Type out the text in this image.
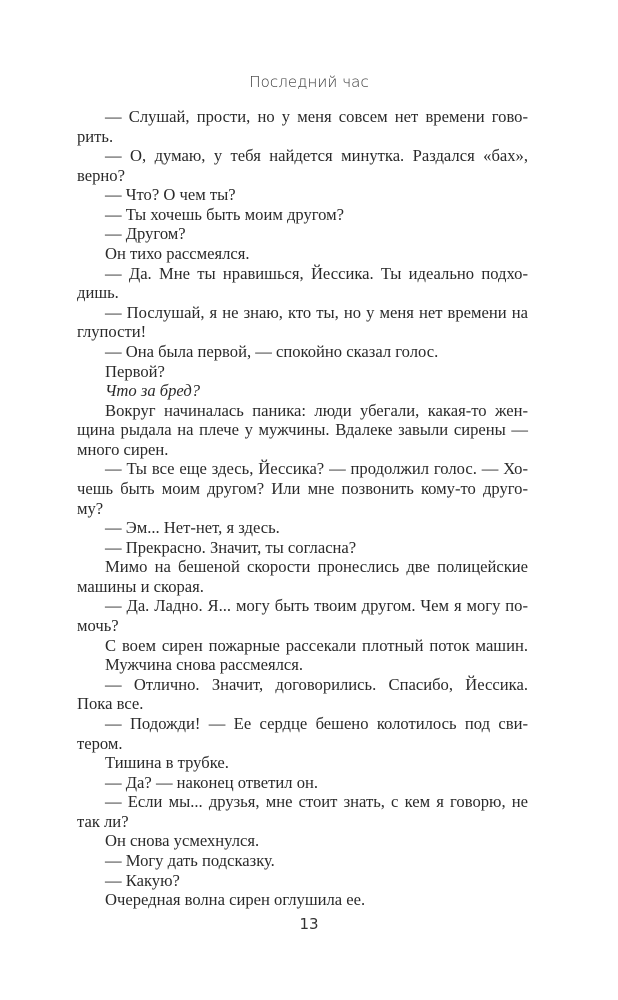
Последний час
— Слушай, прости, но у меня совсем нет времени гово-
рить.
— О, думаю, у тебя найдется минутка. Раздался «бах»,
верно?
— Что? О чем ты?
— Ты хочешь быть моим другом?
— Другом?
Он тихо рассмеялся.
— Да. Мне ты нравишься, Йессика. Ты идеально подхо-
дишь.
— Послушай, я не знаю, кто ты, но у меня нет времени на
глупости!
— Она была первой, — спокойно сказал голос.
Первой?
Что за бред?
Вокруг начиналась паника: люди убегали, какая-то жен-
щина рыдала на плече у мужчины. Вдалеке завыли сирены —
много сирен.
— Ты все еще здесь, Йессика? — продолжил голос. — Хо-
чешь быть моим другом? Или мне позвонить кому-то друго-
му?
— Эм... Нет-нет, я здесь.
— Прекрасно. Значит, ты согласна?
Мимо на бешеной скорости пронеслись две полицейские
машины и скорая.
— Да. Ладно. Я... могу быть твоим другом. Чем я могу по-
мочь?
С воем сирен пожарные рассекали плотный поток машин.
Мужчина снова рассмеялся.
— Отлично. Значит, договорились. Спасибо, Йессика.
Пока все.
— Подожди! — Ее сердце бешено колотилось под сви-
тером.
Тишина в трубке.
— Да? — наконец ответил он.
— Если мы... друзья, мне стоит знать, с кем я говорю, не
так ли?
Он снова усмехнулся.
— Могу дать подсказку.
— Какую?
Очередная волна сирен оглушила ее.
13
